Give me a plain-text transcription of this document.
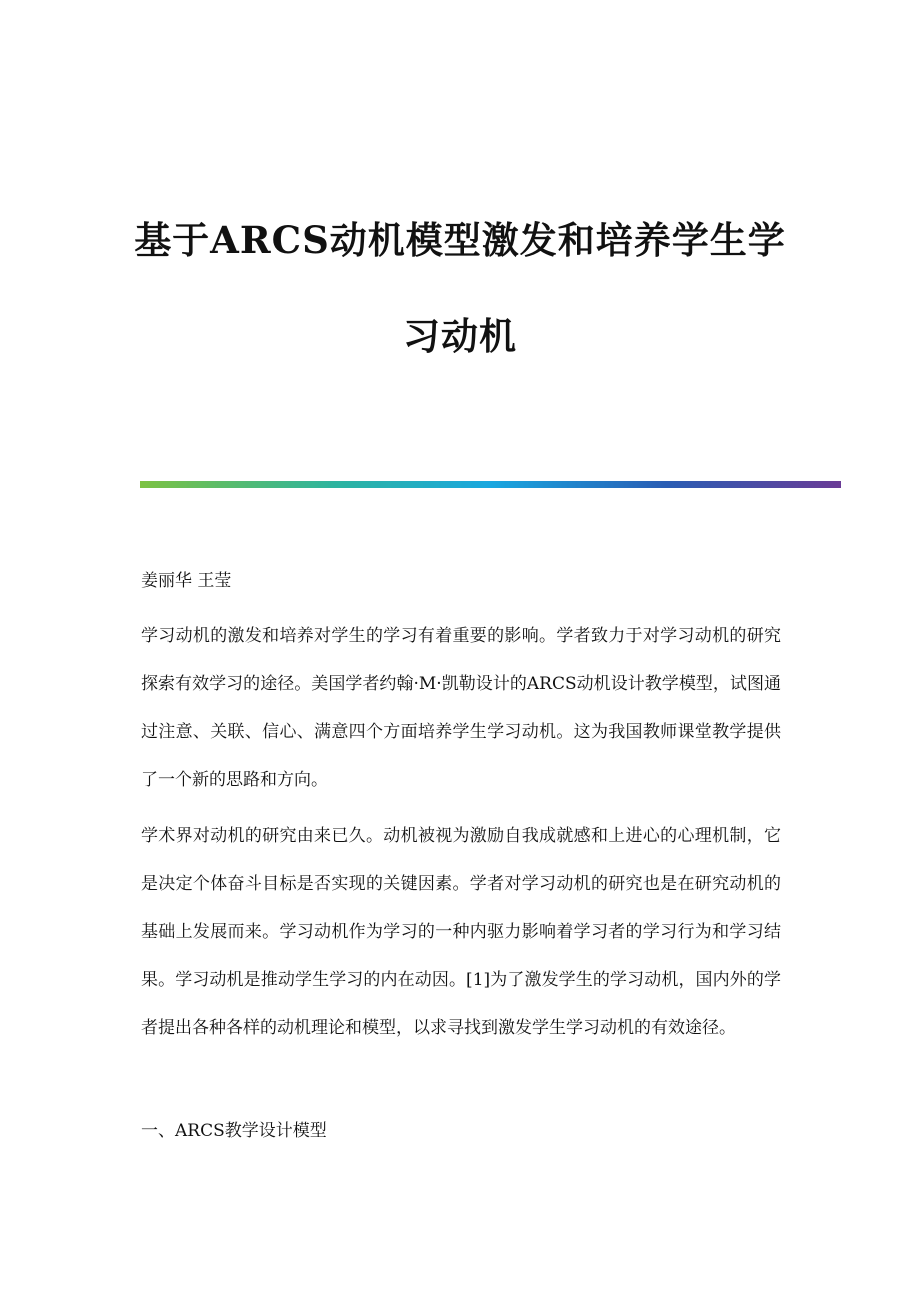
基于ARCS动机模型激发和培养学生学
习动机

姜丽华 王莹

学习动机的激发和培养对学生的学习有着重要的影响。学者致力于对学习动机的研究探索有效学习的途径。美国学者约翰·M·凯勒设计的ARCS动机设计教学模型，试图通过注意、关联、信心、满意四个方面培养学生学习动机。这为我国教师课堂教学提供了一个新的思路和方向。

学术界对动机的研究由来已久。动机被视为激励自我成就感和上进心的心理机制，它是决定个体奋斗目标是否实现的关键因素。学者对学习动机的研究也是在研究动机的基础上发展而来。学习动机作为学习的一种内驱力影响着学习者的学习行为和学习结果。学习动机是推动学生学习的内在动因。[1]为了激发学生的学习动机，国内外的学者提出各种各样的动机理论和模型，以求寻找到激发学生学习动机的有效途径。

一、ARCS教学设计模型
